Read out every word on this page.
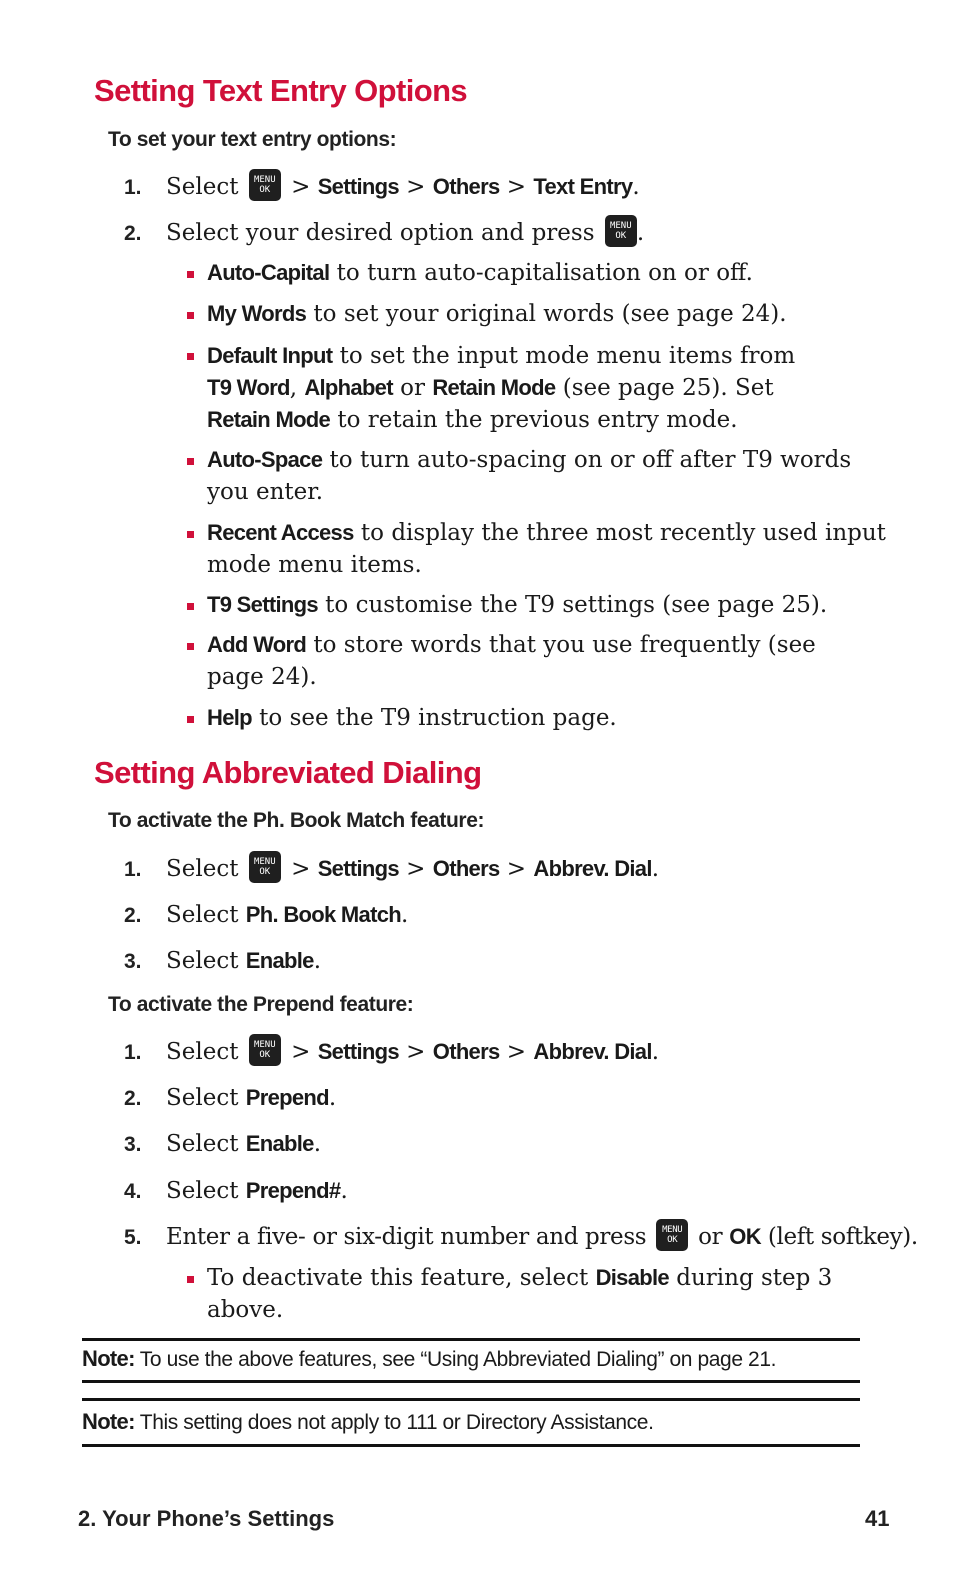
Setting Text Entry Options
To set your text entry options:
1. Select MENU
OK > Settings > Others > Text Entry.
2. Select your desired option and press MENU
OK .
Auto-Capital to turn auto-capitalisation on or off.
My Words to set your original words (see page 24).
Default Input to set the input mode menu items from
T9 Word, Alphabet or Retain Mode (see page 25). Set
Retain Mode to retain the previous entry mode.
Auto-Space to turn auto-spacing on or off after T9 words
you enter.
Recent Access to display the three most recently used input
mode menu items.
T9 Settings to customise the T9 settings (see page 25).
Add Word to store words that you use frequently (see
page 24).
Help to see the T9 instruction page.
Setting Abbreviated Dialing
To activate the Ph. Book Match feature:
1. Select MENU
OK > Settings > Others > Abbrev. Dial.
2. Select Ph. Book Match.
3. Select Enable.
To activate the Prepend feature:
1. Select MENU
OK > Settings > Others > Abbrev. Dial.
2. Select Prepend.
3. Select Enable.
4. Select Prepend#.
5. Enter a five- or six-digit number and press MENU
OK or OK (left softkey).
To deactivate this feature, select Disable during step 3
above.
Note: To use the above features, see “Using Abbreviated Dialing” on page 21.
Note: This setting does not apply to 111 or Directory Assistance.
2. Your Phone’s Settings	41
